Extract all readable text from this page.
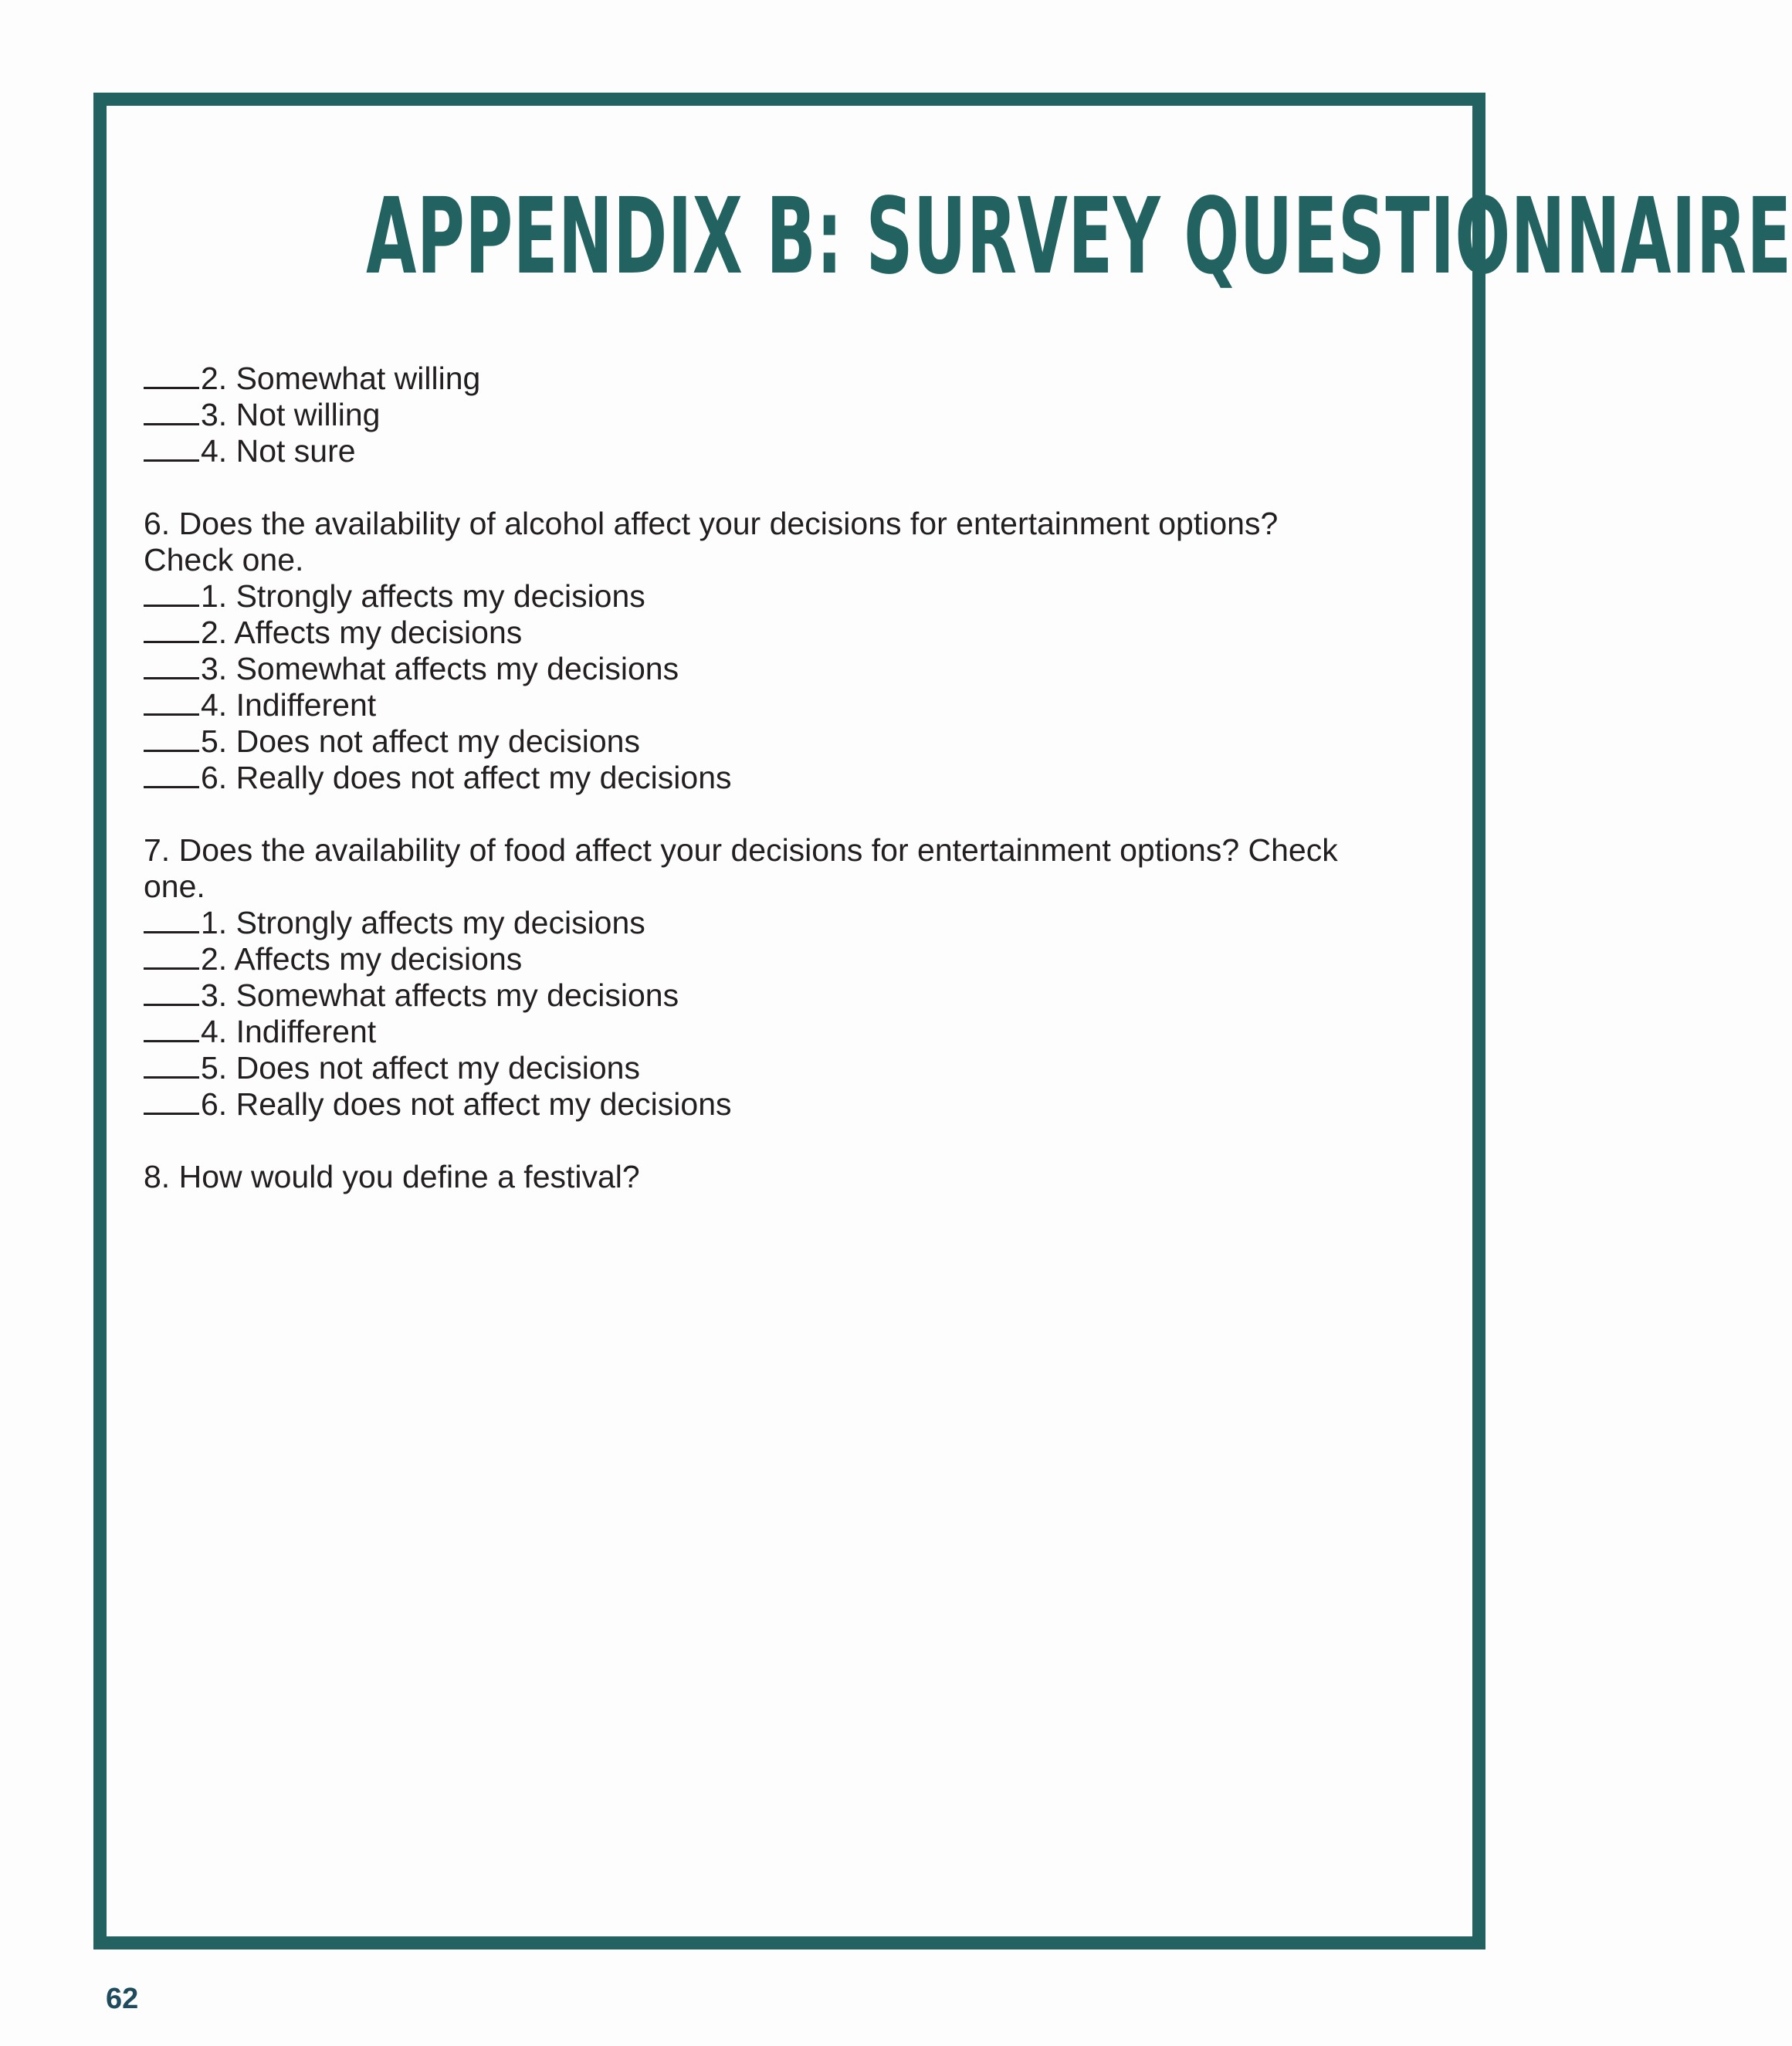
APPENDIX B: SURVEY QUESTIONNAIRE
2. Somewhat willing
3. Not willing
4. Not sure
6. Does the availability of alcohol affect your decisions for entertainment options?
Check one.
1. Strongly affects my decisions
2. Affects my decisions
3. Somewhat affects my decisions
4. Indifferent
5. Does not affect my decisions
6. Really does not affect my decisions
7. Does the availability of food affect your decisions for entertainment options? Check
one.
1. Strongly affects my decisions
2. Affects my decisions
3. Somewhat affects my decisions
4. Indifferent
5. Does not affect my decisions
6. Really does not affect my decisions
8. How would you define a festival?
62
